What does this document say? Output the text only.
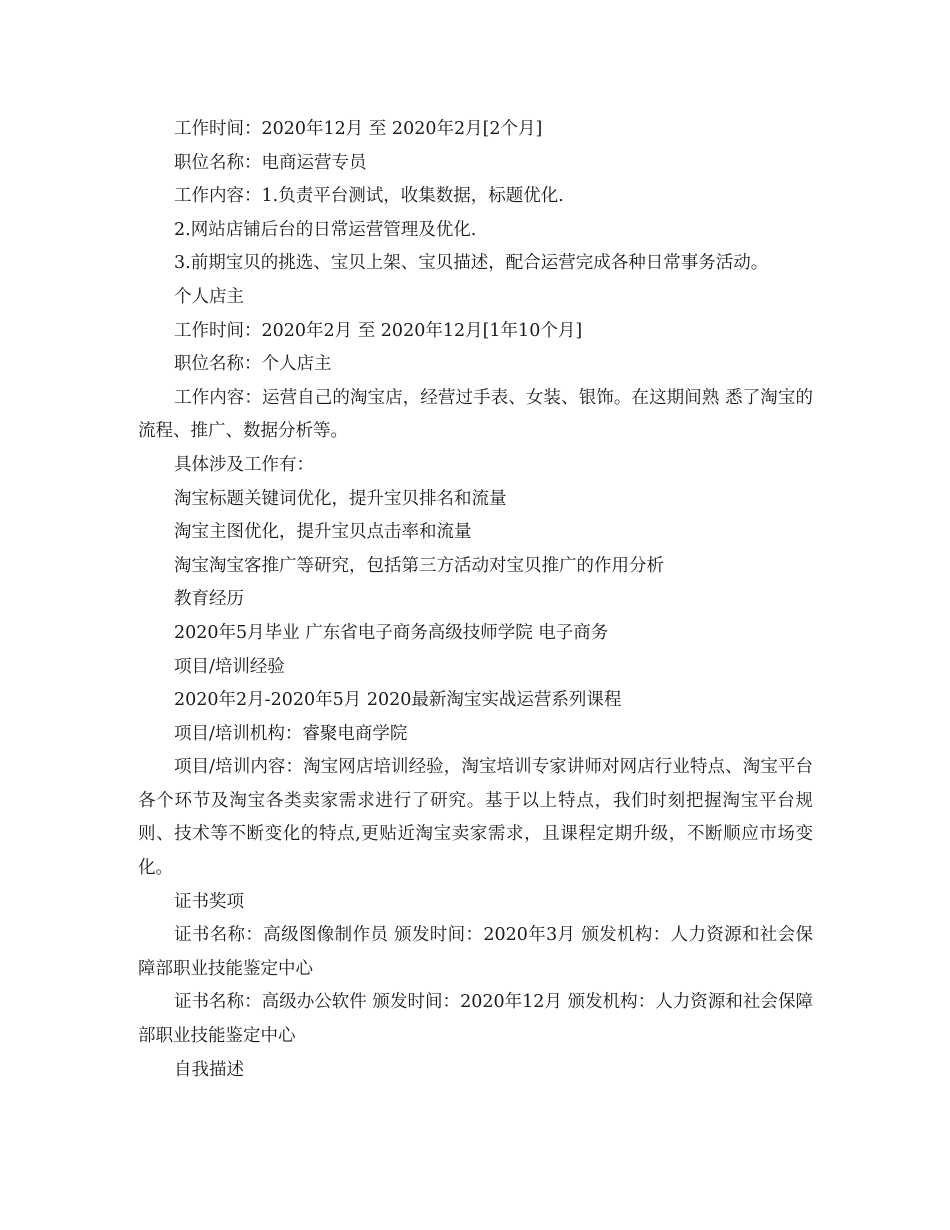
工作时间：2020年12月 至 2020年2月[2个月]

职位名称：电商运营专员

工作内容：1.负责平台测试，收集数据，标题优化.

2.网站店铺后台的日常运营管理及优化.

3.前期宝贝的挑选、宝贝上架、宝贝描述，配合运营完成各种日常事务活动。

个人店主

工作时间：2020年2月 至 2020年12月[1年10个月]

职位名称：个人店主

工作内容：运营自己的淘宝店，经营过手表、女装、银饰。在这期间熟 悉了淘宝的流程、推广、数据分析等。

具体涉及工作有：

淘宝标题关键词优化，提升宝贝排名和流量

淘宝主图优化，提升宝贝点击率和流量

淘宝淘宝客推广等研究，包括第三方活动对宝贝推广的作用分析

教育经历

2020年5月毕业 广东省电子商务高级技师学院 电子商务

项目/培训经验

2020年2月-2020年5月 2020最新淘宝实战运营系列课程

项目/培训机构：睿聚电商学院

项目/培训内容：淘宝网店培训经验，淘宝培训专家讲师对网店行业特点、淘宝平台各个环节及淘宝各类卖家需求进行了研究。基于以上特点，我们时刻把握淘宝平台规则、技术等不断变化的特点,更贴近淘宝卖家需求，且课程定期升级，不断顺应市场变化。

证书奖项

证书名称：高级图像制作员 颁发时间：2020年3月 颁发机构：人力资源和社会保障部职业技能鉴定中心

证书名称：高级办公软件 颁发时间：2020年12月 颁发机构：人力资源和社会保障部职业技能鉴定中心

自我描述
